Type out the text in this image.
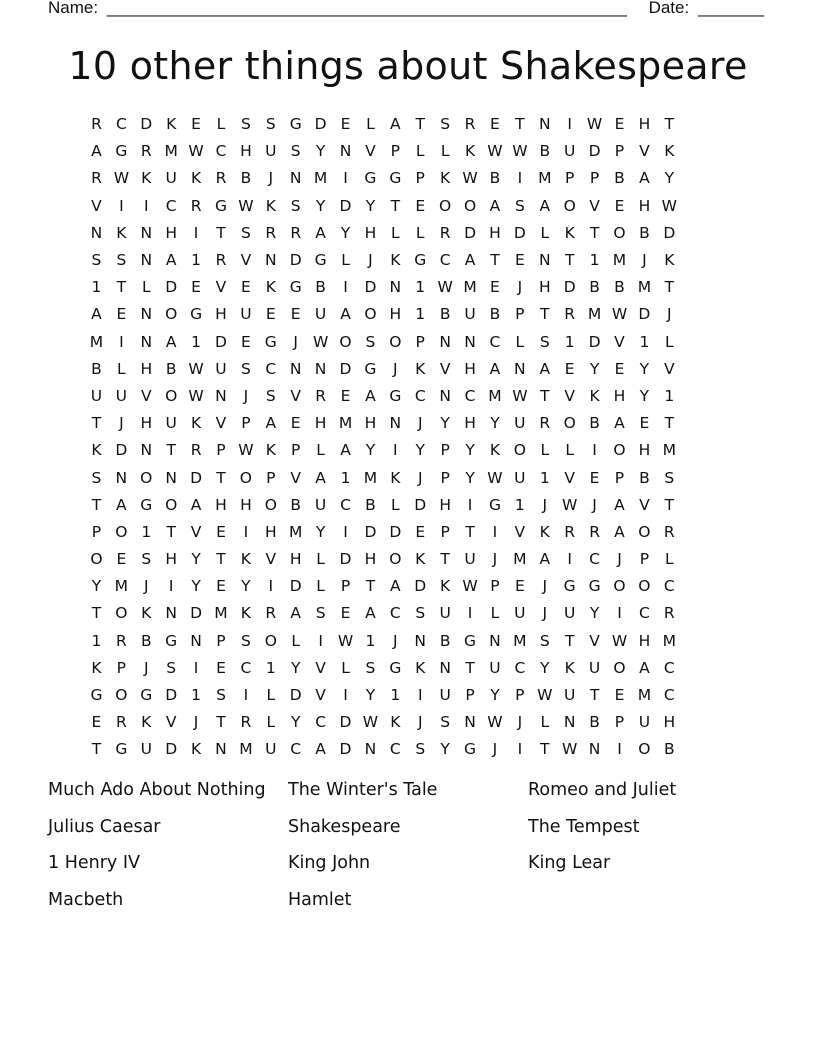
Name: _______________________________________________________ Date: _______
10 other things about Shakespeare
R C D K E	L	S S G D E	L A T S R E T N	I W E H T
A G R M W C H U S Y N V P	L	L	K W W B U D P V K
R W K U K R B	J	N M	I	G G P K W B	I	M P	P B A Y
V	I	I	C R G W K S Y D Y T E O O A S A O V E H W
N K N H	I	T S R R A Y H L	L R D H D L	K T O B D
S S N A 1 R V N D G L	J	K G C A T E N T 1 M	J	K
1 T	L D E V E K G B	I	D N 1 W M E	J	H D B B M T
A E N O G H U E E U A O H 1 B U B P	T R M W D	J
M	I	N A 1 D E G	J W O S O P N N C L	S 1 D V 1	L
B L H B W U S C N N D G	J	K V H A N A E Y E Y V
U U V O W N	J	S V R E A G C N C M W T V K H Y 1
T	J	H U K V P A E H M H N	J	Y H Y U R O B A E T
K D N T R P W K P	L A Y	I	Y P	Y K O L	L	I	O H M
S N O N D T O P V A 1 M K	J	P	Y W U 1 V E P B S
T A G O A H H O B U C B L D H	I	G 1	J W J	A V T
P O 1 T V E	I	H M Y	I	D D E P	T	I	V K R R A O R
O E S H Y T K V H L D H O K T U	J	M A	I	C	J	P	L
Y M	J	I	Y E Y	I	D L	P	T A D K W P E	J	G G O O C
T O K N D M K R A S E A C S U	I	L U	J	U Y	I	C R
1 R B G N P S O L	I W 1	J	N B G N M S T V W H M
K P	J	S	I	E C 1 Y V L	S G K N T U C Y K U O A C
G O G D 1 S	I	L D V	I	Y 1	I	U P	Y P W U T E M C
E R K V	J	T R L	Y C D W K	J	S N W J	L N B P U H
T G U D K N M U C A D N C S Y G	J	I	T W N	I	O B
Much Ado About Nothing	The Winter's Tale	Romeo and Juliet
Julius Caesar	Shakespeare	The Tempest
1 Henry IV	King John	King Lear
Macbeth	Hamlet
